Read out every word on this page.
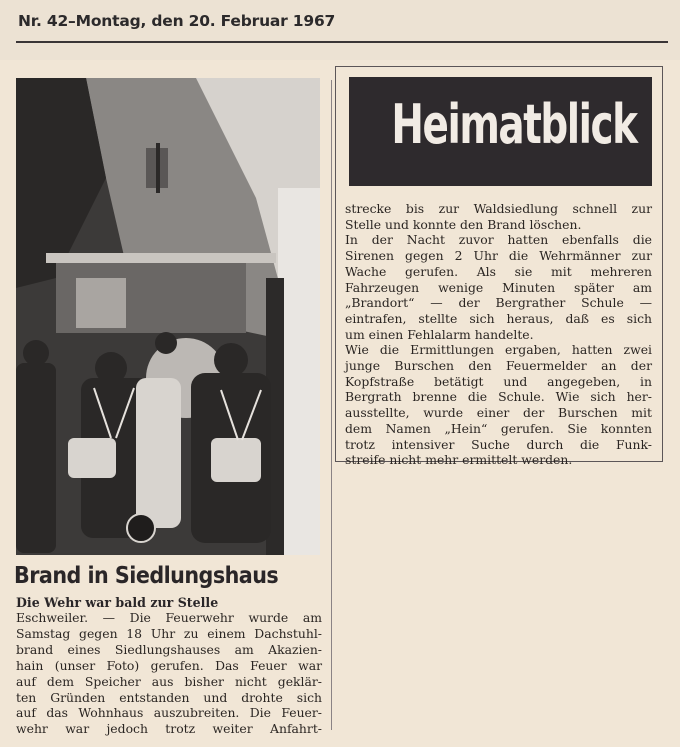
Nr. 42–Montag, den 20. Februar 1967
Brand in Siedlungshaus
Die Wehr war bald zur Stelle
Eschweiler. — Die Feuerwehr wurde am
Samstag gegen 18 Uhr zu einem Dachstuhl-
brand eines Siedlungshauses am Akazien-
hain (unser Foto) gerufen. Das Feuer war
auf dem Speicher aus bisher nicht geklär-
ten Gründen entstanden und drohte sich
auf das Wohnhaus auszubreiten. Die Feuer-
wehr war jedoch trotz weiter Anfahrt-
Heimatblick
strecke bis zur Waldsiedlung schnell zur
Stelle und konnte den Brand löschen.
In der Nacht zuvor hatten ebenfalls die
Sirenen gegen 2 Uhr die Wehrmänner zur
Wache gerufen. Als sie mit mehreren
Fahrzeugen wenige Minuten später am
„Brandort“ — der Bergrather Schule —
eintrafen, stellte sich heraus, daß es sich
um einen Fehlalarm handelte.
Wie die Ermittlungen ergaben, hatten zwei
junge Burschen den Feuermelder an der
Kopfstraße betätigt und angegeben, in
Bergrath brenne die Schule. Wie sich her-
ausstellte, wurde einer der Burschen mit
dem Namen „Hein“ gerufen. Sie konnten
trotz intensiver Suche durch die Funk-
streife nicht mehr ermittelt werden.
